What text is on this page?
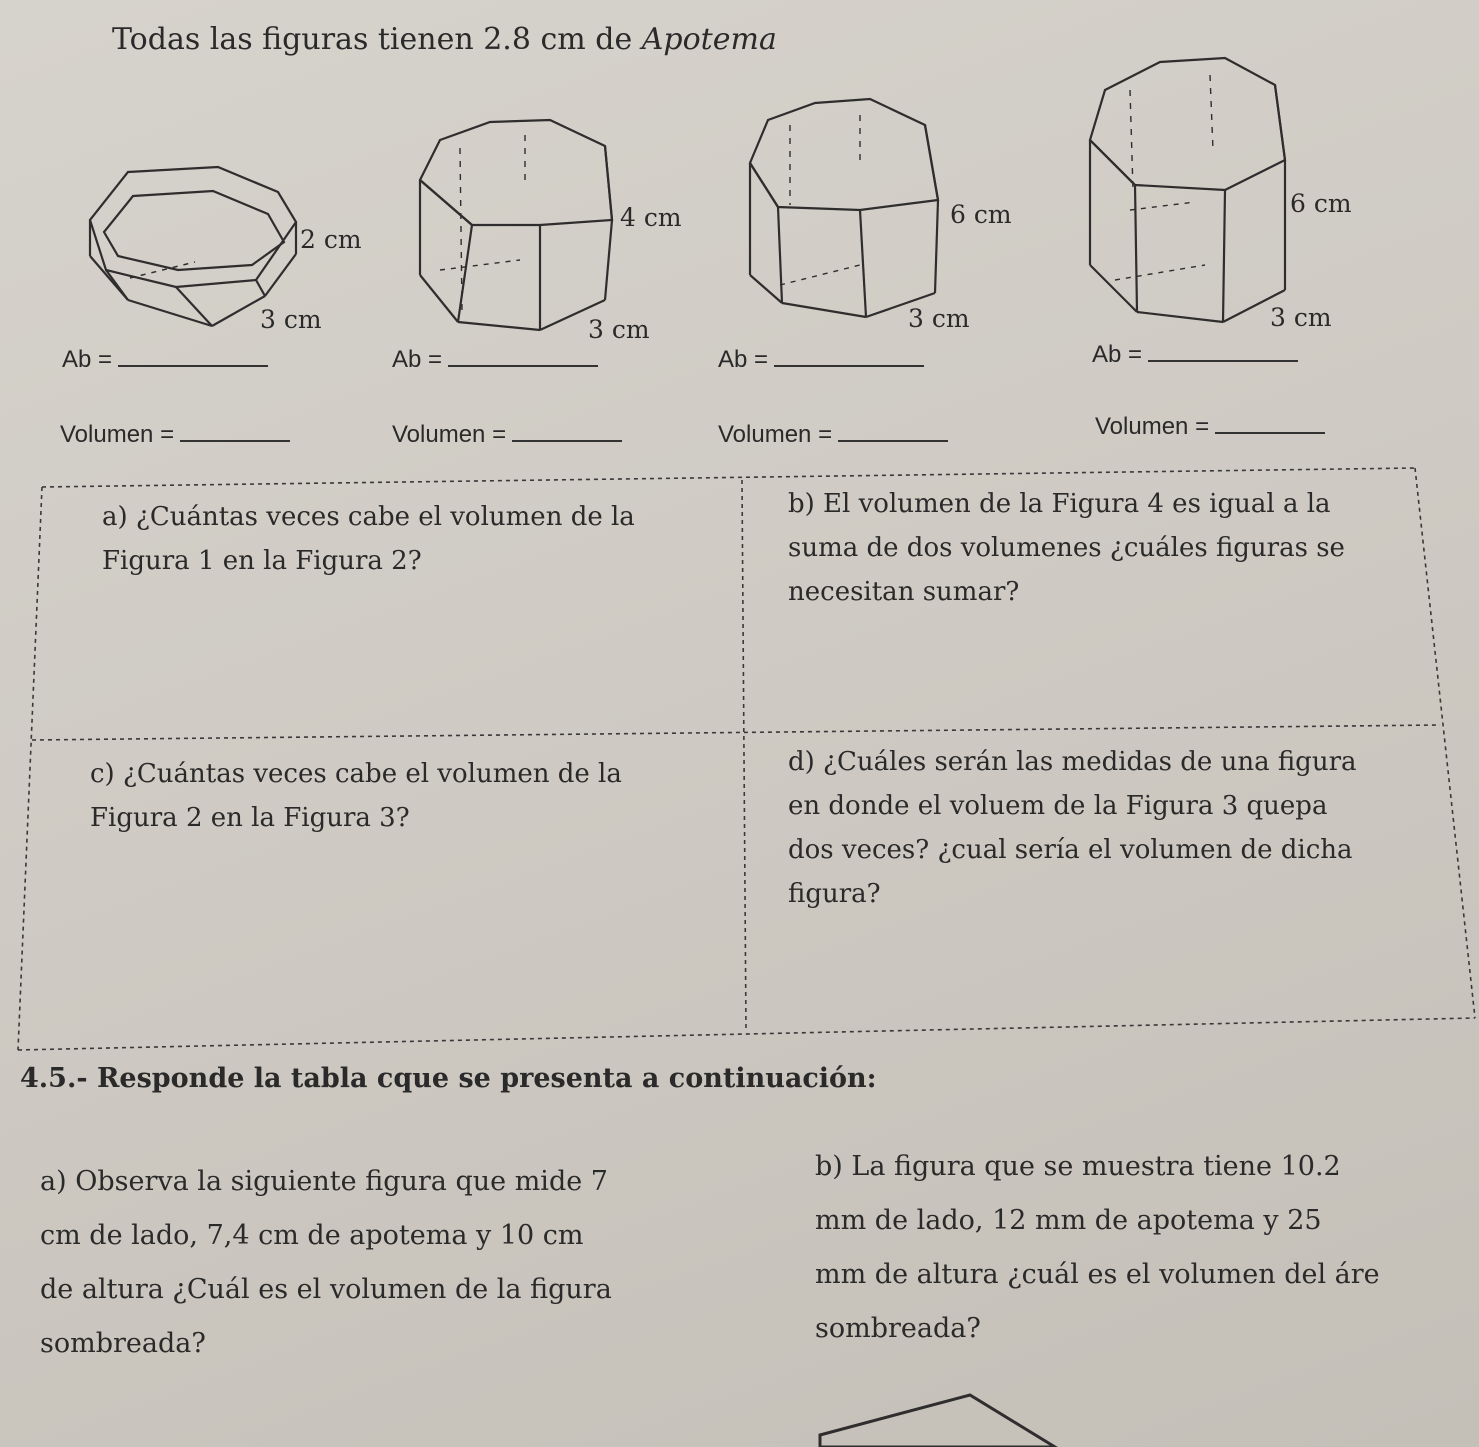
Todas las figuras tienen 2.8 cm de Apotema
2 cm
3 cm
4 cm
3 cm
6 cm
3 cm
6 cm
3 cm
Ab =	Ab =	Ab =	Ab =
Volumen =	Volumen =	Volumen =	Volumen =
a) ¿Cuántas veces cabe el volumen de la
Figura 1 en la Figura 2?
b) El volumen de la Figura 4 es igual a la
suma de dos volumenes ¿cuáles figuras se
necesitan sumar?
c) ¿Cuántas veces cabe el volumen de la
Figura 2 en la Figura 3?
d) ¿Cuáles serán las medidas de una figura
en donde el voluem de la Figura 3 quepa
dos veces? ¿cual sería el volumen de dicha
figura?
4.5.- Responde la tabla cque se presenta a continuación:
a) Observa la siguiente figura que mide 7
cm de lado, 7,4 cm de apotema y 10 cm
de altura ¿Cuál es el volumen de la figura
sombreada?
b) La figura que se muestra tiene 10.2
mm de lado, 12 mm de apotema y 25
mm de altura ¿cuál es el volumen del áre
sombreada?
